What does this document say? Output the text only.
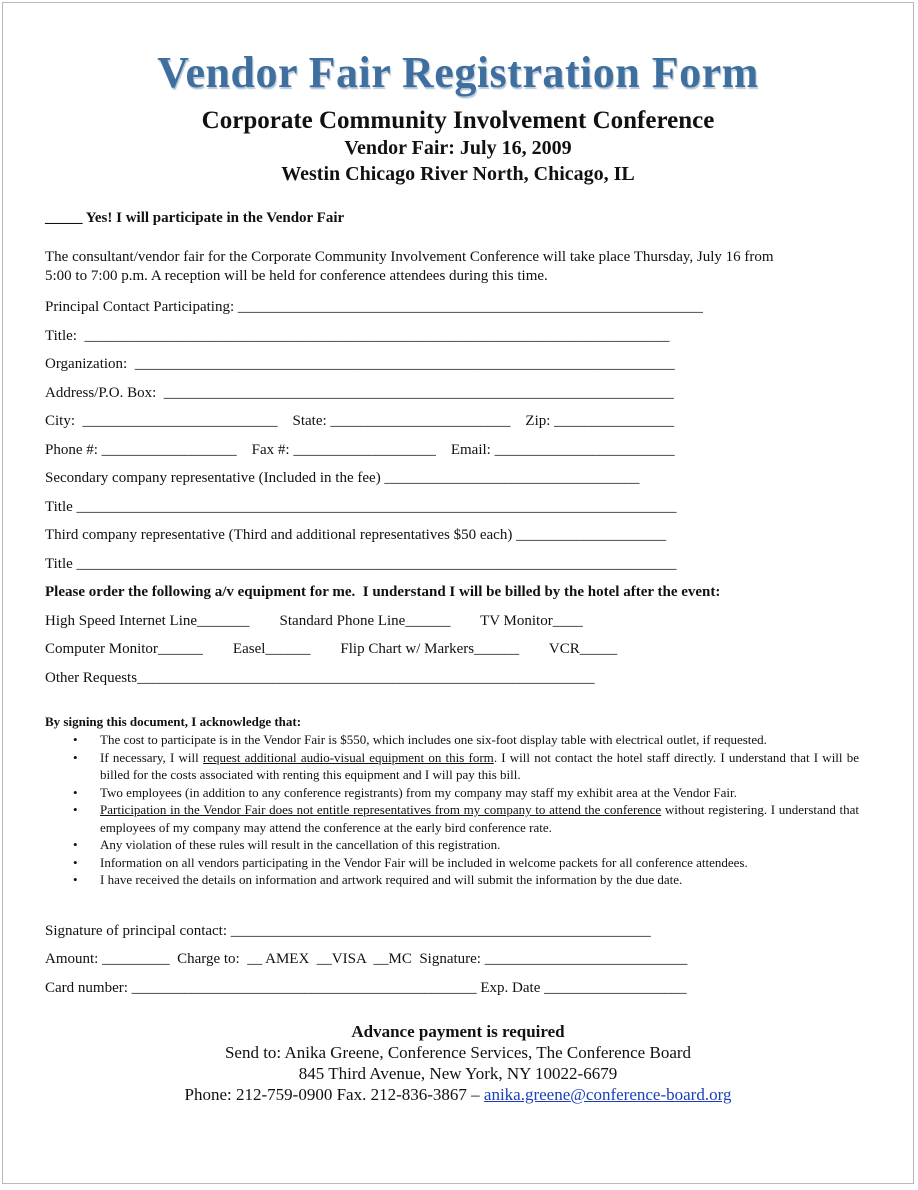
Vendor Fair Registration Form
Corporate Community Involvement Conference
Vendor Fair: July 16, 2009
Westin Chicago River North, Chicago, IL
_____ Yes! I will participate in the Vendor Fair
The consultant/vendor fair for the Corporate Community Involvement Conference will take place Thursday, July 16 from
5:00 to 7:00 p.m. A reception will be held for conference attendees during this time.
Principal Contact Participating: ______________________________________________________________
Title:  ______________________________________________________________________________
Organization:  ________________________________________________________________________
Address/P.O. Box:  ____________________________________________________________________
City:  __________________________    State: ________________________    Zip: ________________
Phone #: __________________    Fax #: ___________________    Email: ________________________
Secondary company representative (Included in the fee) __________________________________
Title ________________________________________________________________________________
Third company representative (Third and additional representatives $50 each) ____________________
Title ________________________________________________________________________________
Please order the following a/v equipment for me.  I understand I will be billed by the hotel after the event:
High Speed Internet Line_______        Standard Phone Line______        TV Monitor____
Computer Monitor______        Easel______        Flip Chart w/ Markers______        VCR_____
Other Requests_____________________________________________________________
By signing this document, I acknowledge that:
• The cost to participate is in the Vendor Fair is $550, which includes one six-foot display table with electrical outlet, if requested.
• If necessary, I will request additional audio-visual equipment on this form. I will not contact the hotel staff directly. I understand that I will be billed for the costs associated with renting this equipment and I will pay this bill.
• Two employees (in addition to any conference registrants) from my company may staff my exhibit area at the Vendor Fair.
• Participation in the Vendor Fair does not entitle representatives from my company to attend the conference without registering. I understand that employees of my company may attend the conference at the early bird conference rate.
• Any violation of these rules will result in the cancellation of this registration.
• Information on all vendors participating in the Vendor Fair will be included in welcome packets for all conference attendees.
• I have received the details on information and artwork required and will submit the information by the due date.
Signature of principal contact: ________________________________________________________
Amount: _________  Charge to:  __ AMEX  __VISA  __MC  Signature: ___________________________
Card number: ______________________________________________ Exp. Date ___________________
Advance payment is required
Send to: Anika Greene, Conference Services, The Conference Board
845 Third Avenue, New York, NY 10022-6679
Phone: 212-759-0900 Fax. 212-836-3867 – anika.greene@conference-board.org
